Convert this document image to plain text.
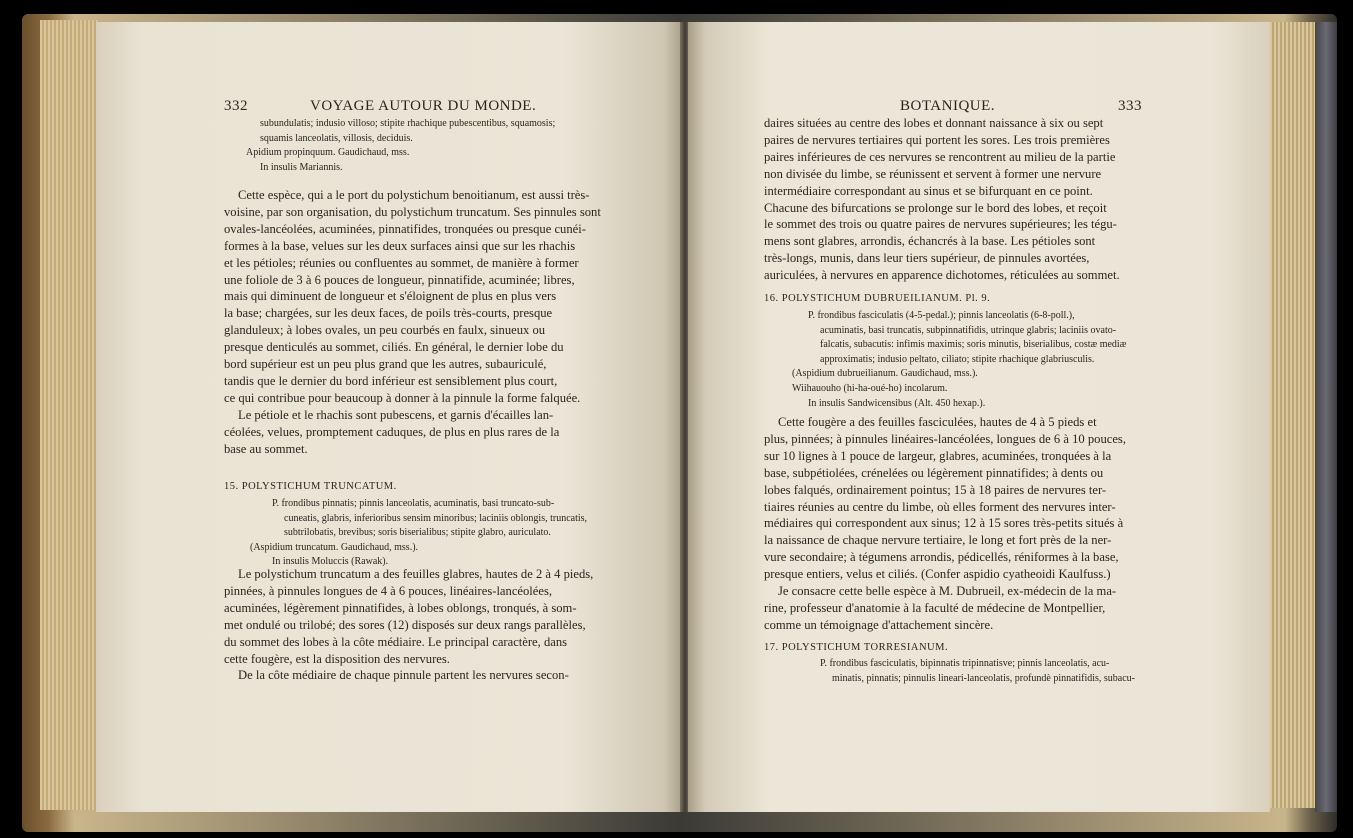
332	VOYAGE AUTOUR DU MONDE.
subundulatis; indusio villoso; stipite rhachique pubescentibus, squamosis;
squamis lanceolatis, villosis, deciduis.
Apidium propinquum. Gaudichaud, mss.
In insulis Mariannis.
Cette espèce, qui a le port du polystichum benoitianum, est aussi très-
voisine, par son organisation, du polystichum truncatum. Ses pinnules sont
ovales-lancéolées, acuminées, pinnatifides, tronquées ou presque cunéi-
formes à la base, velues sur les deux surfaces ainsi que sur les rhachis
et les pétioles; réunies ou confluentes au sommet, de manière à former
une foliole de 3 à 6 pouces de longueur, pinnatifide, acuminée; libres,
mais qui diminuent de longueur et s'éloignent de plus en plus vers
la base; chargées, sur les deux faces, de poils très-courts, presque
glanduleux; à lobes ovales, un peu courbés en faulx, sinueux ou
presque denticulés au sommet, ciliés. En général, le dernier lobe du
bord supérieur est un peu plus grand que les autres, subauriculé,
tandis que le dernier du bord inférieur est sensiblement plus court,
ce qui contribue pour beaucoup à donner à la pinnule la forme falquée.
Le pétiole et le rhachis sont pubescens, et garnis d'écailles lan-
céolées, velues, promptement caduques, de plus en plus rares de la
base au sommet.
15. POLYSTICHUM TRUNCATUM.
P. frondibus pinnatis; pinnis lanceolatis, acuminatis, basi truncato-sub-
cuneatis, glabris, inferioribus sensim minoribus; laciniis oblongis, truncatis,
subtrilobatis, brevibus; soris biserialibus; stipite glabro, auriculato.
(Aspidium truncatum. Gaudichaud, mss.).
In insulis Moluccis (Rawak).
Le polystichum truncatum a des feuilles glabres, hautes de 2 à 4 pieds,
pinnées, à pinnules longues de 4 à 6 pouces, linéaires-lancéolées,
acuminées, légèrement pinnatifides, à lobes oblongs, tronqués, à som-
met ondulé ou trilobé; des sores (12) disposés sur deux rangs parallèles,
du sommet des lobes à la côte médiaire. Le principal caractère, dans
cette fougère, est la disposition des nervures.
De la côte médiaire de chaque pinnule partent les nervures secon-
BOTANIQUE.	333
daires situées au centre des lobes et donnant naissance à six ou sept
paires de nervures tertiaires qui portent les sores. Les trois premières
paires inférieures de ces nervures se rencontrent au milieu de la partie
non divisée du limbe, se réunissent et servent à former une nervure
intermédiaire correspondant au sinus et se bifurquant en ce point.
Chacune des bifurcations se prolonge sur le bord des lobes, et reçoit
le sommet des trois ou quatre paires de nervures supérieures; les tégu-
mens sont glabres, arrondis, échancrés à la base. Les pétioles sont
très-longs, munis, dans leur tiers supérieur, de pinnules avortées,
auriculées, à nervures en apparence dichotomes, réticulées au sommet.
16. POLYSTICHUM DUBRUEILIANUM. Pl. 9.
P. frondibus fasciculatis (4-5-pedal.); pinnis lanceolatis (6-8-poll.),
acuminatis, basi truncatis, subpinnatifidis, utrinque glabris; laciniis ovato-
falcatis, subacutis: infimis maximis; soris minutis, biserialibus, costæ mediæ
approximatis; indusio peltato, ciliato; stipite rhachique glabriusculis.
(Aspidium dubrueilianum. Gaudichaud, mss.).
Wiihauouho (hi-ha-oué-ho) incolarum.
In insulis Sandwicensibus (Alt. 450 hexap.).
Cette fougère a des feuilles fasciculées, hautes de 4 à 5 pieds et
plus, pinnées; à pinnules linéaires-lancéolées, longues de 6 à 10 pouces,
sur 10 lignes à 1 pouce de largeur, glabres, acuminées, tronquées à la
base, subpétiolées, crénelées ou légèrement pinnatifides; à dents ou
lobes falqués, ordinairement pointus; 15 à 18 paires de nervures ter-
tiaires réunies au centre du limbe, où elles forment des nervures inter-
médiaires qui correspondent aux sinus; 12 à 15 sores très-petits situés à
la naissance de chaque nervure tertiaire, le long et fort près de la ner-
vure secondaire; à tégumens arrondis, pédicellés, réniformes à la base,
presque entiers, velus et ciliés. (Confer aspidio cyatheoidi Kaulfuss.)
Je consacre cette belle espèce à M. Dubrueil, ex-médecin de la ma-
rine, professeur d'anatomie à la faculté de médecine de Montpellier,
comme un témoignage d'attachement sincère.
17. POLYSTICHUM TORRESIANUM.
P. frondibus fasciculatis, bipinnatis tripinnatisve; pinnis lanceolatis, acu-
minatis, pinnatis; pinnulis lineari-lanceolatis, profundè pinnatifidis, subacu-
